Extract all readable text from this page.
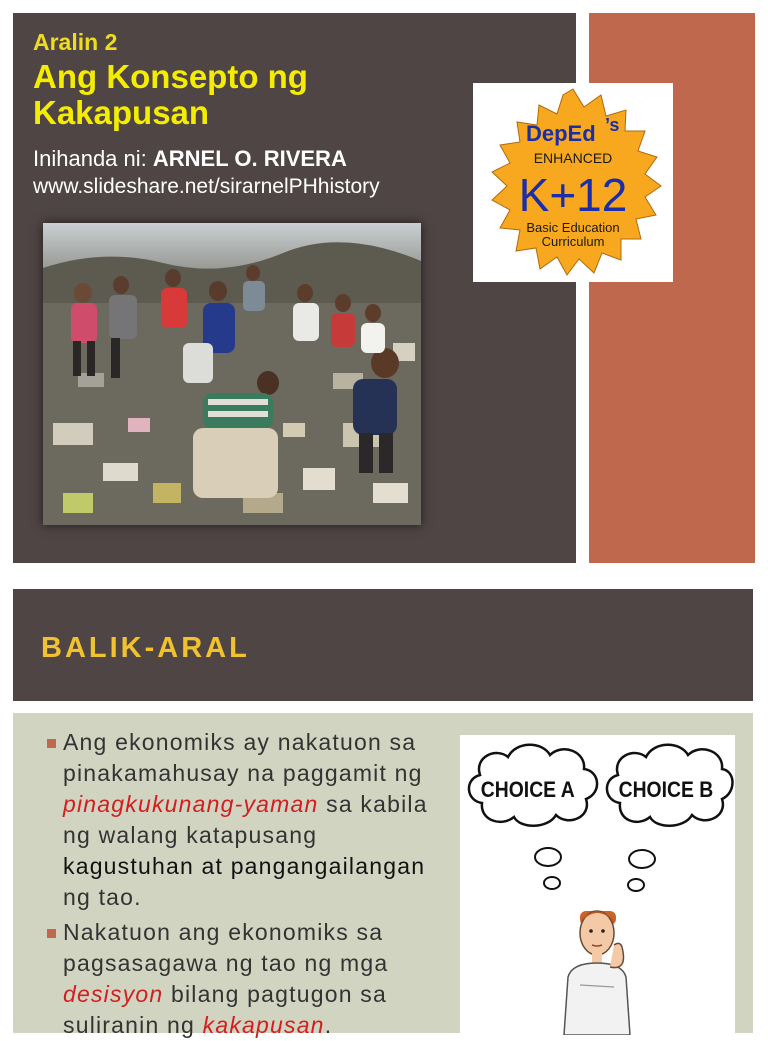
Aralin 2
Ang Konsepto ng Kakapusan
Inihanda ni: ARNEL O. RIVERA
www.slideshare.net/sirarnelPHhistory
DepEd ’s
ENHANCED
K+12
Basic Education
Curriculum
BALIK-ARAL

Ang ekonomiks ay nakatuon sa pinakamahusay na paggamit ng pinagkukunang-yaman sa kabila ng walang katapusang kagustuhan at pangangailangan ng tao.

Nakatuon ang ekonomiks sa pagsasagawa ng tao ng mga desisyon bilang pagtugon sa suliranin ng kakapusan.

CHOICE A CHOICE B
